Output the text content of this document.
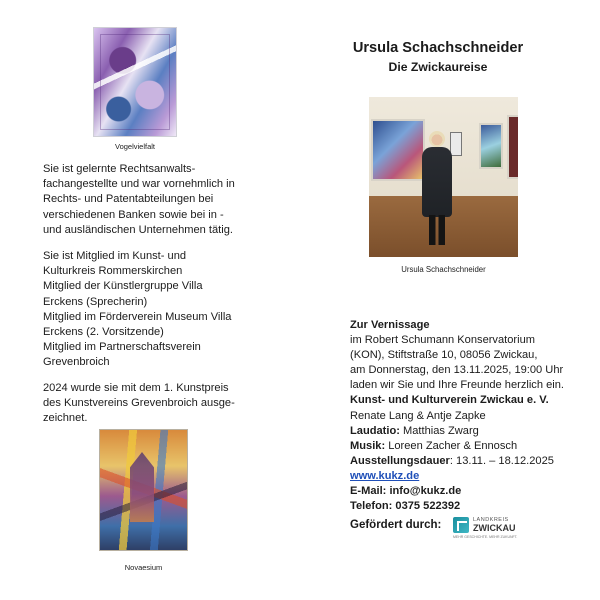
Vogelvielfalt
Sie ist gelernte Rechtsanwalts-
fachangestellte und war vornehmlich in
Rechts- und Patentabteilungen bei
verschiedenen Banken sowie bei in -
und ausländischen Unternehmen tätig.
Sie ist Mitglied im Kunst- und
Kulturkreis Rommerskirchen
Mitglied der Künstlergruppe Villa
Erckens (Sprecherin)
Mitglied im Förderverein Museum Villa
Erckens (2. Vorsitzende)
Mitglied im Partnerschaftsverein
Grevenbroich
2024 wurde sie mit dem 1. Kunstpreis
des Kunstvereins Grevenbroich ausge-
zeichnet.
Novaesium
Ursula Schachschneider
Die Zwickaureise
Ursula Schachschneider
Zur Vernissage
im Robert Schumann Konservatorium
(KON), Stiftstraße 10, 08056 Zwickau,
am Donnerstag, den 13.11.2025, 19:00 Uhr
laden wir Sie und Ihre Freunde herzlich ein.
Kunst- und Kulturverein Zwickau e. V.
Renate Lang & Antje Zapke
Laudatio: Matthias Zwarg
Musik: Loreen Zacher & Ennosch
Ausstellungsdauer: 13.11. – 18.12.2025
www.kukz.de
E-Mail: info@kukz.de
Telefon: 0375 522392
Gefördert durch:	LANDKREIS
ZWICKAU
MEHR GESCHICHTE. MEHR ZUKUNFT.
